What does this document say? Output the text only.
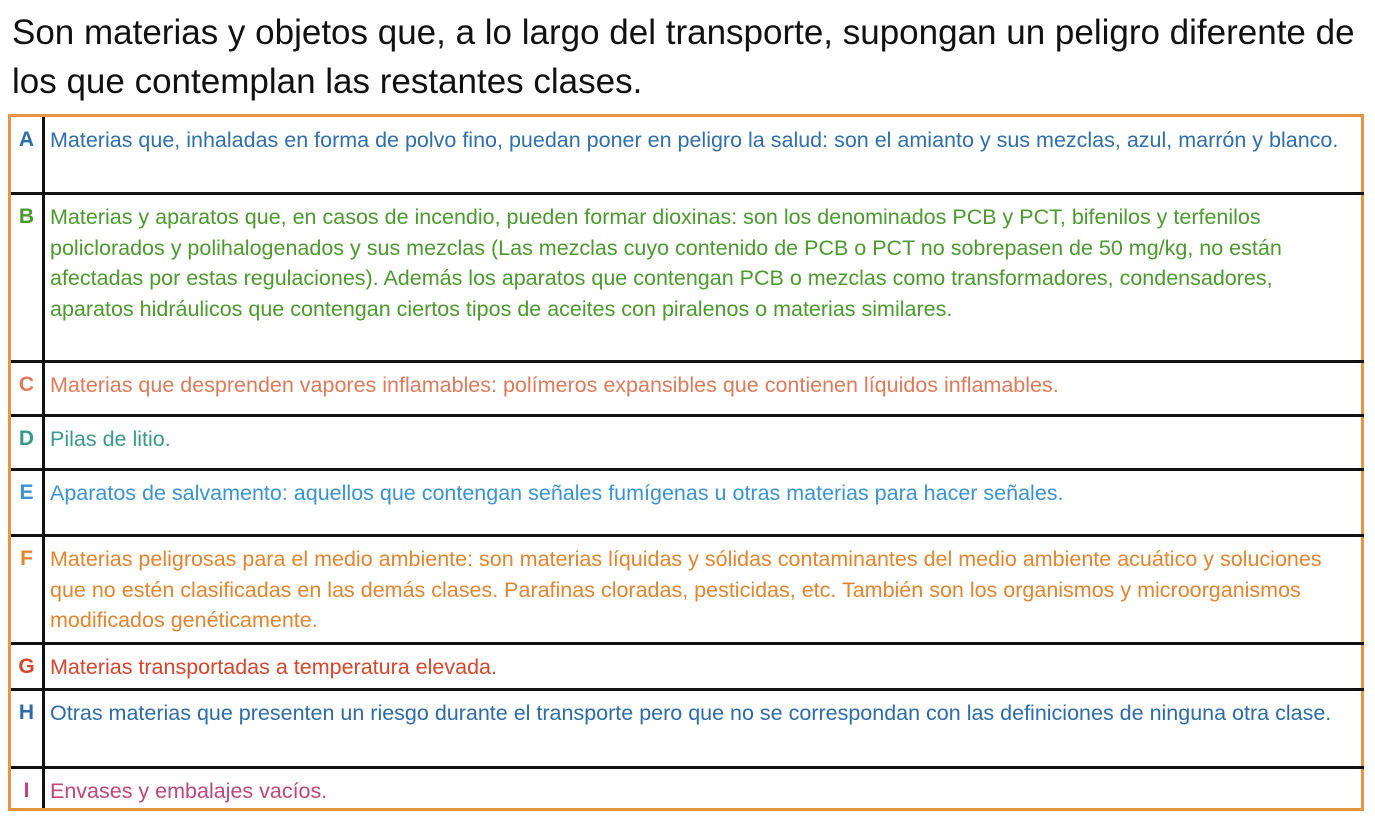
Son materias y objetos que, a lo largo del transporte, supongan un peligro diferente de los que contemplan las restantes clases.
A Materias que, inhaladas en forma de polvo fino, puedan poner en peligro la salud: son el amianto y sus mezclas, azul, marrón y blanco.
B Materias y aparatos que, en casos de incendio, pueden formar dioxinas: son los denominados PCB y PCT, bifenilos y terfenilos policlorados y polihalogenados y sus mezclas (Las mezclas cuyo contenido de PCB o PCT no sobrepasen de 50 mg/kg, no están afectadas por estas regulaciones). Además los aparatos que contengan PCB o mezclas como transformadores, condensadores, aparatos hidráulicos que contengan ciertos tipos de aceites con piralenos o materias similares.
C Materias que desprenden vapores inflamables: polímeros expansibles que contienen líquidos inflamables.
D Pilas de litio.
E Aparatos de salvamento: aquellos que contengan señales fumígenas u otras materias para hacer señales.
F Materias peligrosas para el medio ambiente: son materias líquidas y sólidas contaminantes del medio ambiente acuático y soluciones que no estén clasificadas en las demás clases. Parafinas cloradas, pesticidas, etc. También son los organismos y microorganismos modificados genéticamente.
G Materias transportadas a temperatura elevada.
H Otras materias que presenten un riesgo durante el transporte pero que no se correspondan con las definiciones de ninguna otra clase.
I Envases y embalajes vacíos.
